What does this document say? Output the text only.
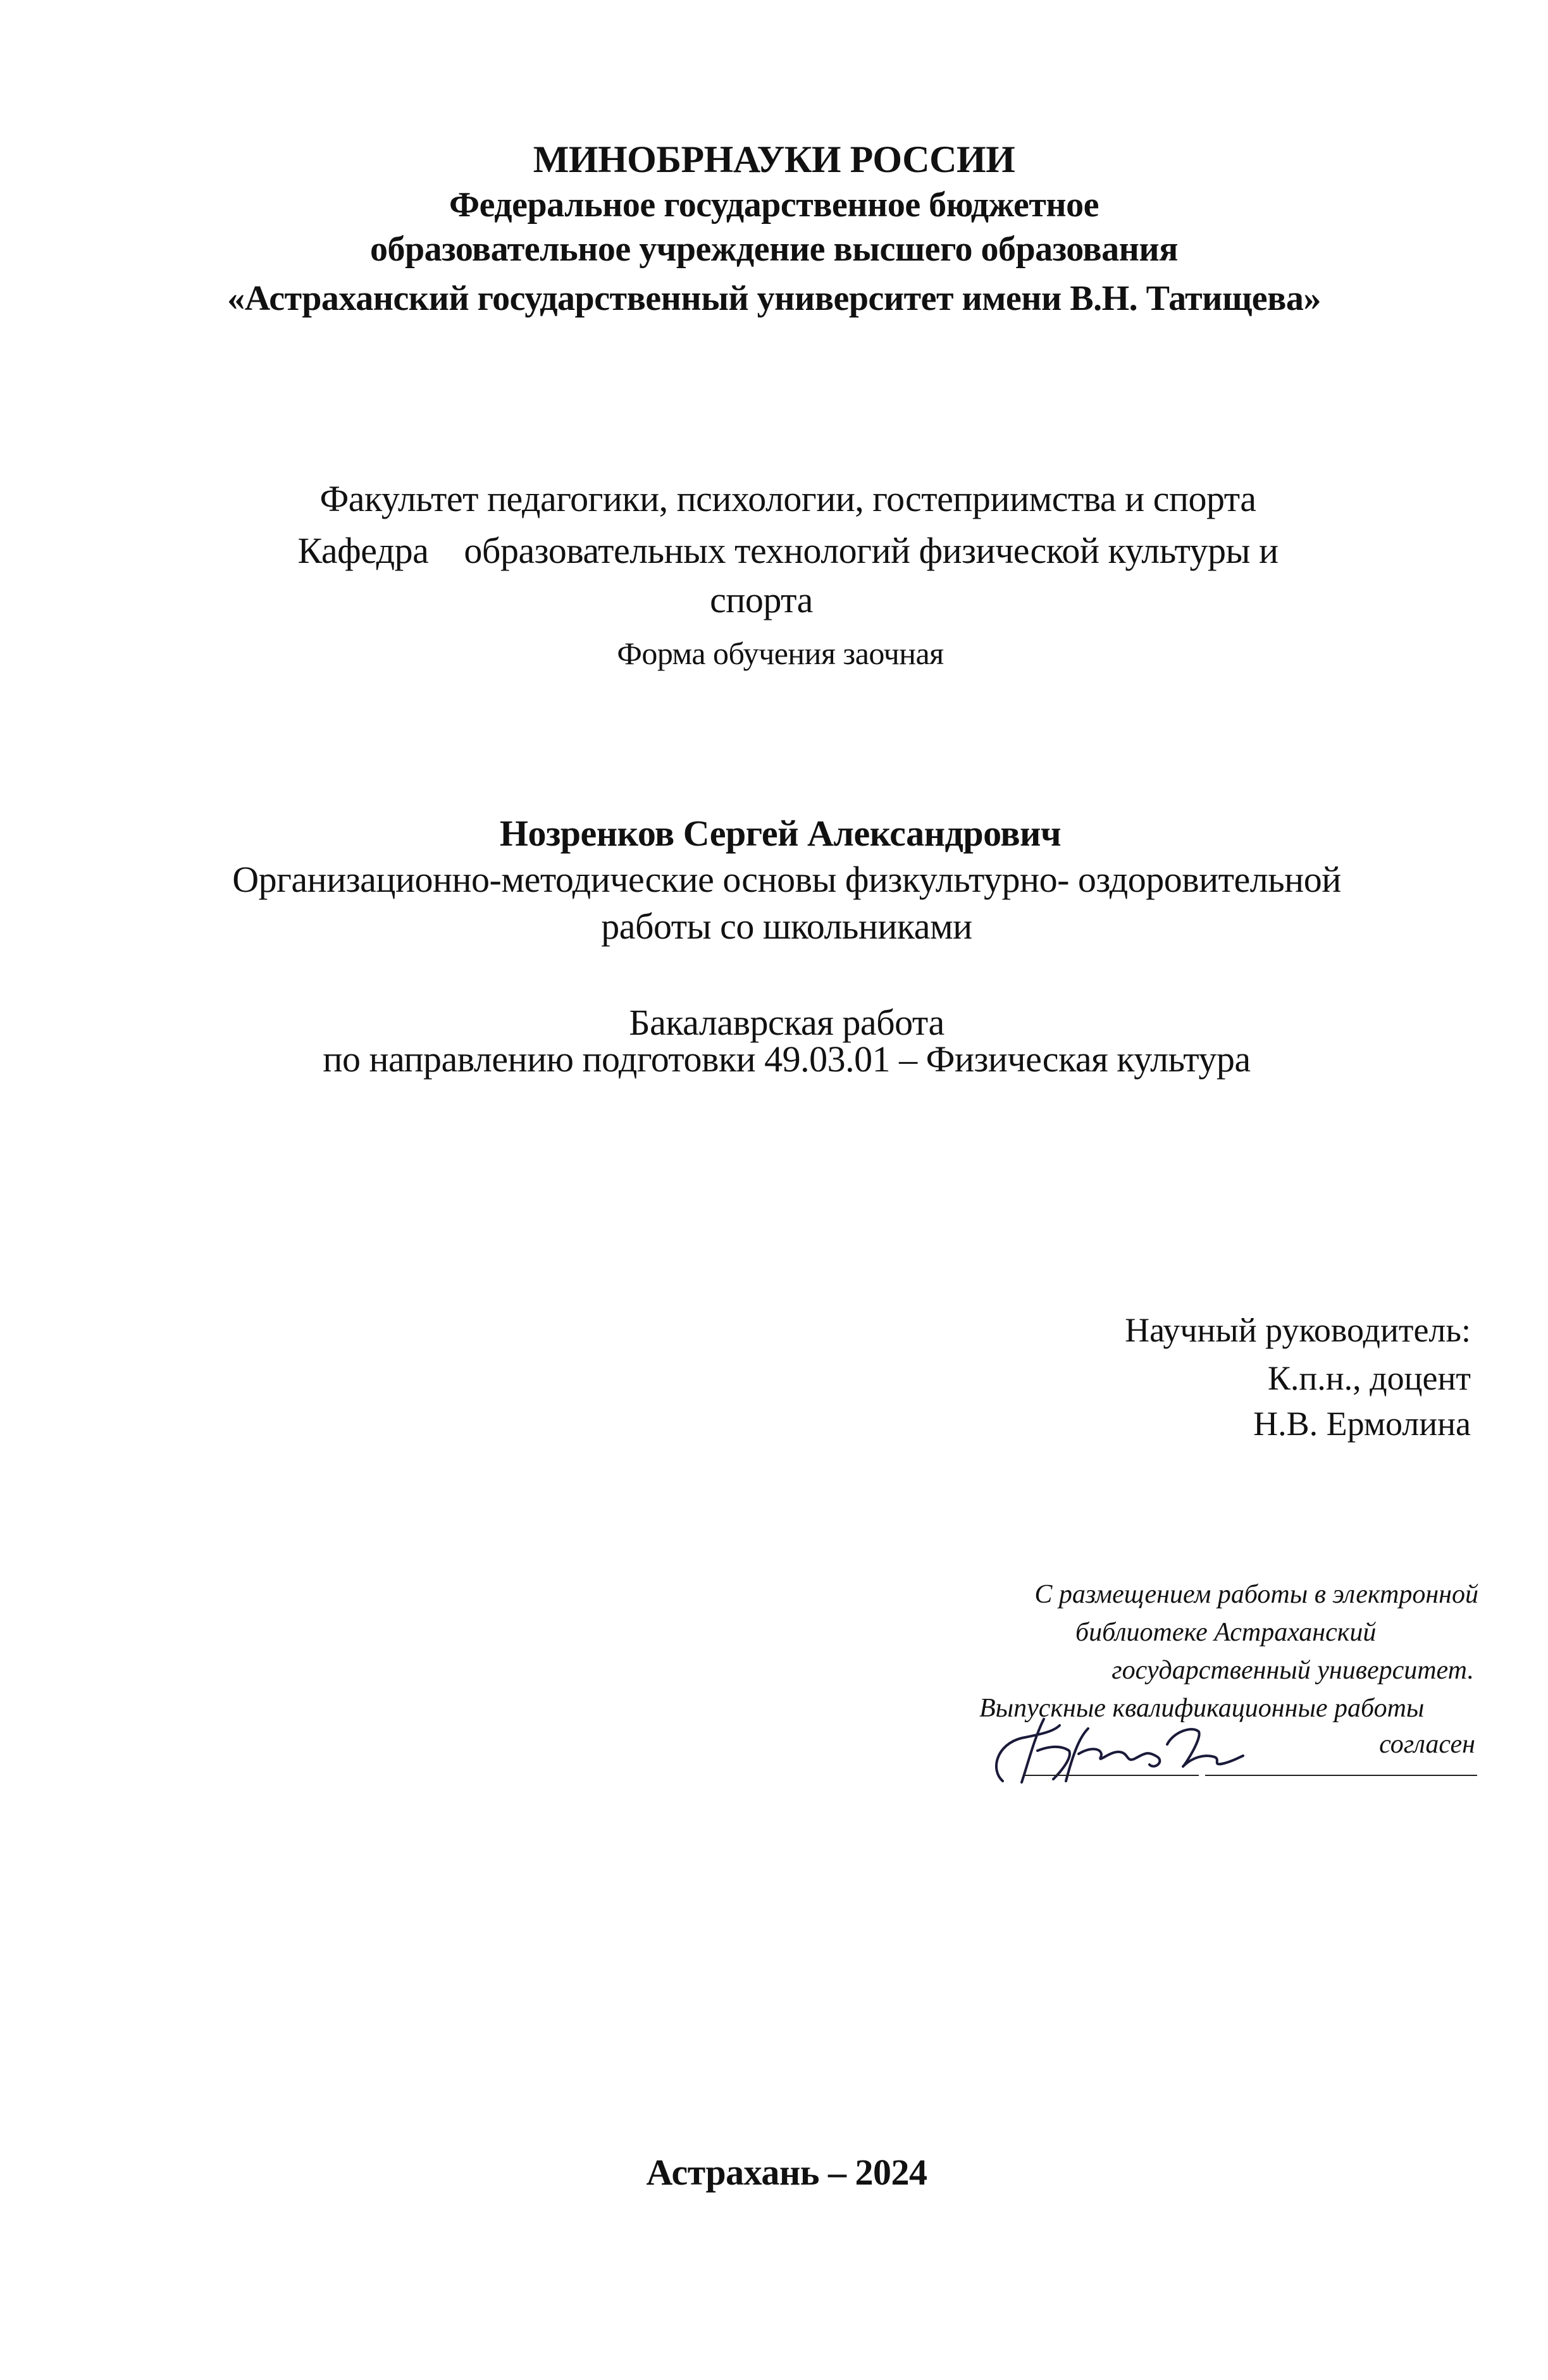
МИНОБРНАУКИ РОССИИ
Федеральное государственное бюджетное
образовательное учреждение высшего образования
«Астраханский государственный университет имени В.Н. Татищева»
Факультет педагогики, психологии, гостеприимства и спорта
Кафедра    образовательных технологий физической культуры и
спорта
Форма обучения заочная
Нозренков Сергей Александрович
Организационно-методические основы физкультурно- оздоровительной
работы со школьниками
Бакалаврская работа
по направлению подготовки 49.03.01 – Физическая культура
Научный руководитель:
К.п.н., доцент
Н.В. Ермолина
С размещением работы в электронной
библиотеке Астраханский
государственный университет.
Выпускные квалификационные работы
согласен
Астрахань – 2024
